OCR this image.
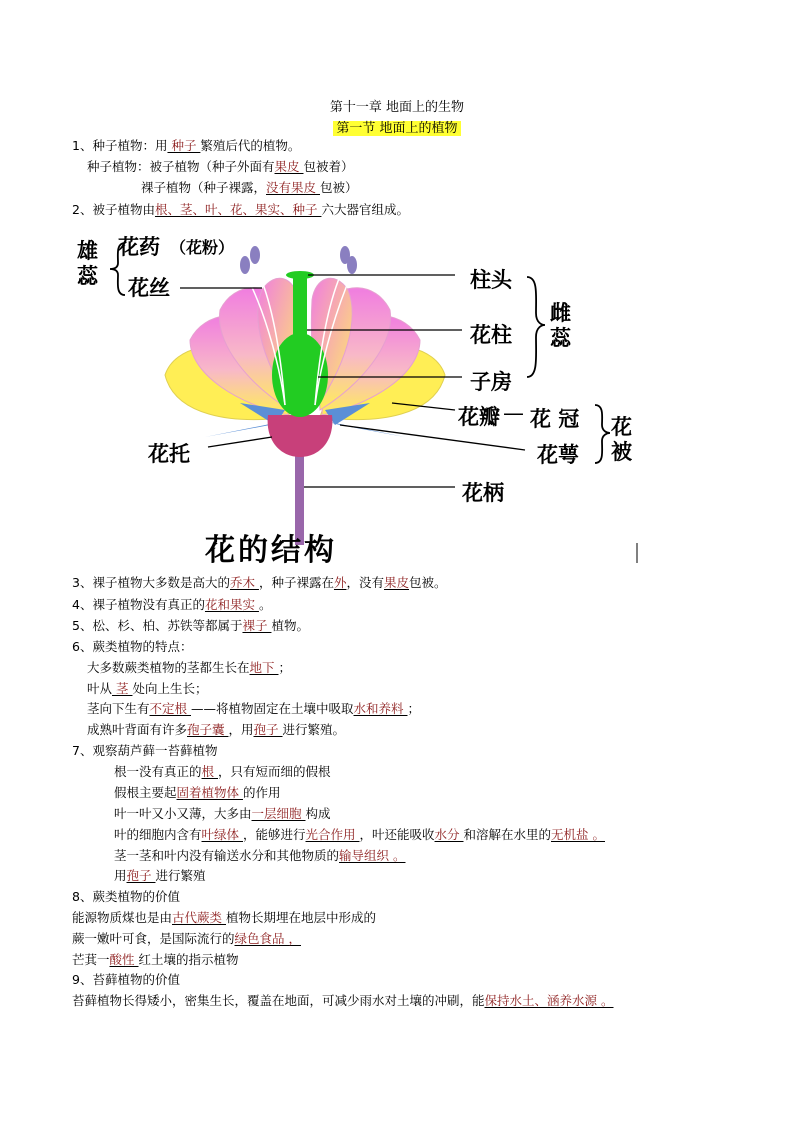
第十一章 地面上的生物
第一节 地面上的植物
1、种子植物：用 种子 繁殖后代的植物。
种子植物：被子植物（种子外面有果皮 包被着）
裸子植物（种子裸露，没有果皮 包被）
2、被子植物由根、茎、叶、花、果实、种子 六大器官组成。
雄
蕊
花药 （花粉）
花丝	柱头
花柱
子房
雌
蕊
花瓣 — 花 冠
花萼
花
被
花托
花柄
花的结构
3、裸子植物大多数是高大的乔木 ，种子裸露在外，没有果皮包被。
4、裸子植物没有真正的花和果实 。
5、松、杉、柏、苏铁等都属于裸子 植物。
6、蕨类植物的特点：
大多数蕨类植物的茎都生长在地下 ；
叶从 茎 处向上生长；
茎向下生有不定根 ——将植物固定在土壤中吸取水和养料 ；
成熟叶背面有许多孢子囊 ，用孢子 进行繁殖。
7、观察葫芦藓一苔藓植物
根一没有真正的根 ，只有短而细的假根
假根主要起固着植物体 的作用
叶一叶又小又薄，大多由一层细胞 构成
叶的细胞内含有叶绿体 ，能够进行光合作用 ，叶还能吸收水分 和溶解在水里的无机盐 。
茎一茎和叶内没有输送水分和其他物质的输导组织 。
用孢子 进行繁殖
8、蕨类植物的价值
能源物质煤也是由古代蕨类 植物长期埋在地层中形成的
蕨一嫩叶可食，是国际流行的绿色食品 ，
芒萁一酸性 红土壤的指示植物
9、苔藓植物的价值
苔藓植物长得矮小，密集生长，覆盖在地面，可减少雨水对土壤的冲刷，能保持水土、涵养水源 。
